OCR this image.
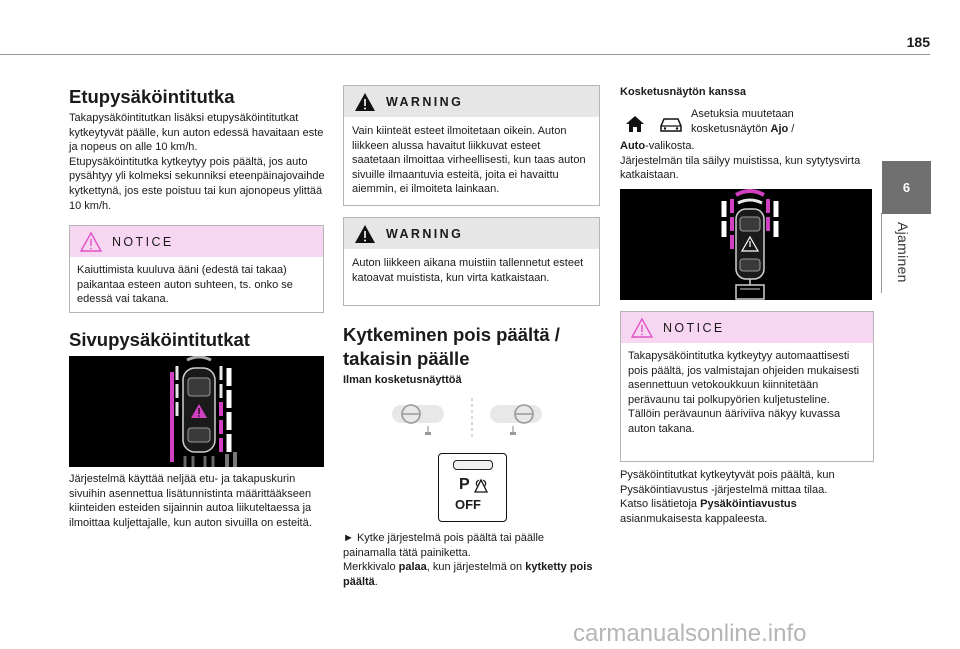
185
6
Ajaminen
Etupysäköintitutka
Takapysäköintitutkan lisäksi etupysäköintitutkat kytkeytyvät päälle, kun auton edessä havaitaan este ja nopeus on alle 10 km/h.
Etupysäköintitutka kytkeytyy pois päältä, jos auto pysähtyy yli kolmeksi sekunniksi eteenpäinajovaihde kytkettynä, jos este poistuu tai kun ajonopeus ylittää 10 km/h.
NOTICE
Kaiuttimista kuuluva ääni (edestä tai takaa) paikantaa esteen auton suhteen, ts. onko se edessä vai takana.
Sivupysäköintitutkat
Järjestelmä käyttää neljää etu- ja takapuskurin sivuihin asennettua lisätunnistinta määrittääkseen kiinteiden esteiden sijainnin autoa liikuteltaessa ja ilmoittaa kuljettajalle, kun auton sivuilla on esteitä.
WARNING
Vain kiinteät esteet ilmoitetaan oikein. Auton liikkeen alussa havaitut liikkuvat esteet saatetaan ilmoittaa virheellisesti, kun taas auton sivuille ilmaantuvia esteitä, joita ei havaittu aiemmin, ei ilmoiteta lainkaan.
WARNING
Auton liikkeen aikana muistiin tallennetut esteet katoavat muistista, kun virta katkaistaan.
Kytkeminen pois päältä / takaisin päälle
Ilman kosketusnäyttöä
P
OFF
► Kytke järjestelmä pois päältä tai päälle painamalla tätä painiketta.
Merkkivalo palaa, kun järjestelmä on kytketty pois päältä.
Kosketusnäytön kanssa
Asetuksia muutetaan kosketusnäytön Ajo /
Auto-valikosta.
Järjestelmän tila säilyy muistissa, kun sytytysvirta katkaistaan.
NOTICE
Takapysäköintitutka kytkeytyy automaattisesti pois päältä, jos valmistajan ohjeiden mukaisesti asennettuun vetokoukkuun kiinnitetään perävaunu tai polkupyörien kuljetusteline.
Tällöin perävaunun ääriviiva näkyy kuvassa auton takana.
Pysäköintitutkat kytkeytyvät pois päältä, kun Pysäköintiavustus -järjestelmä mittaa tilaa.
Katso lisätietoja Pysäköintiavustus asianmukaisesta kappaleesta.
carmanualsonline.info
